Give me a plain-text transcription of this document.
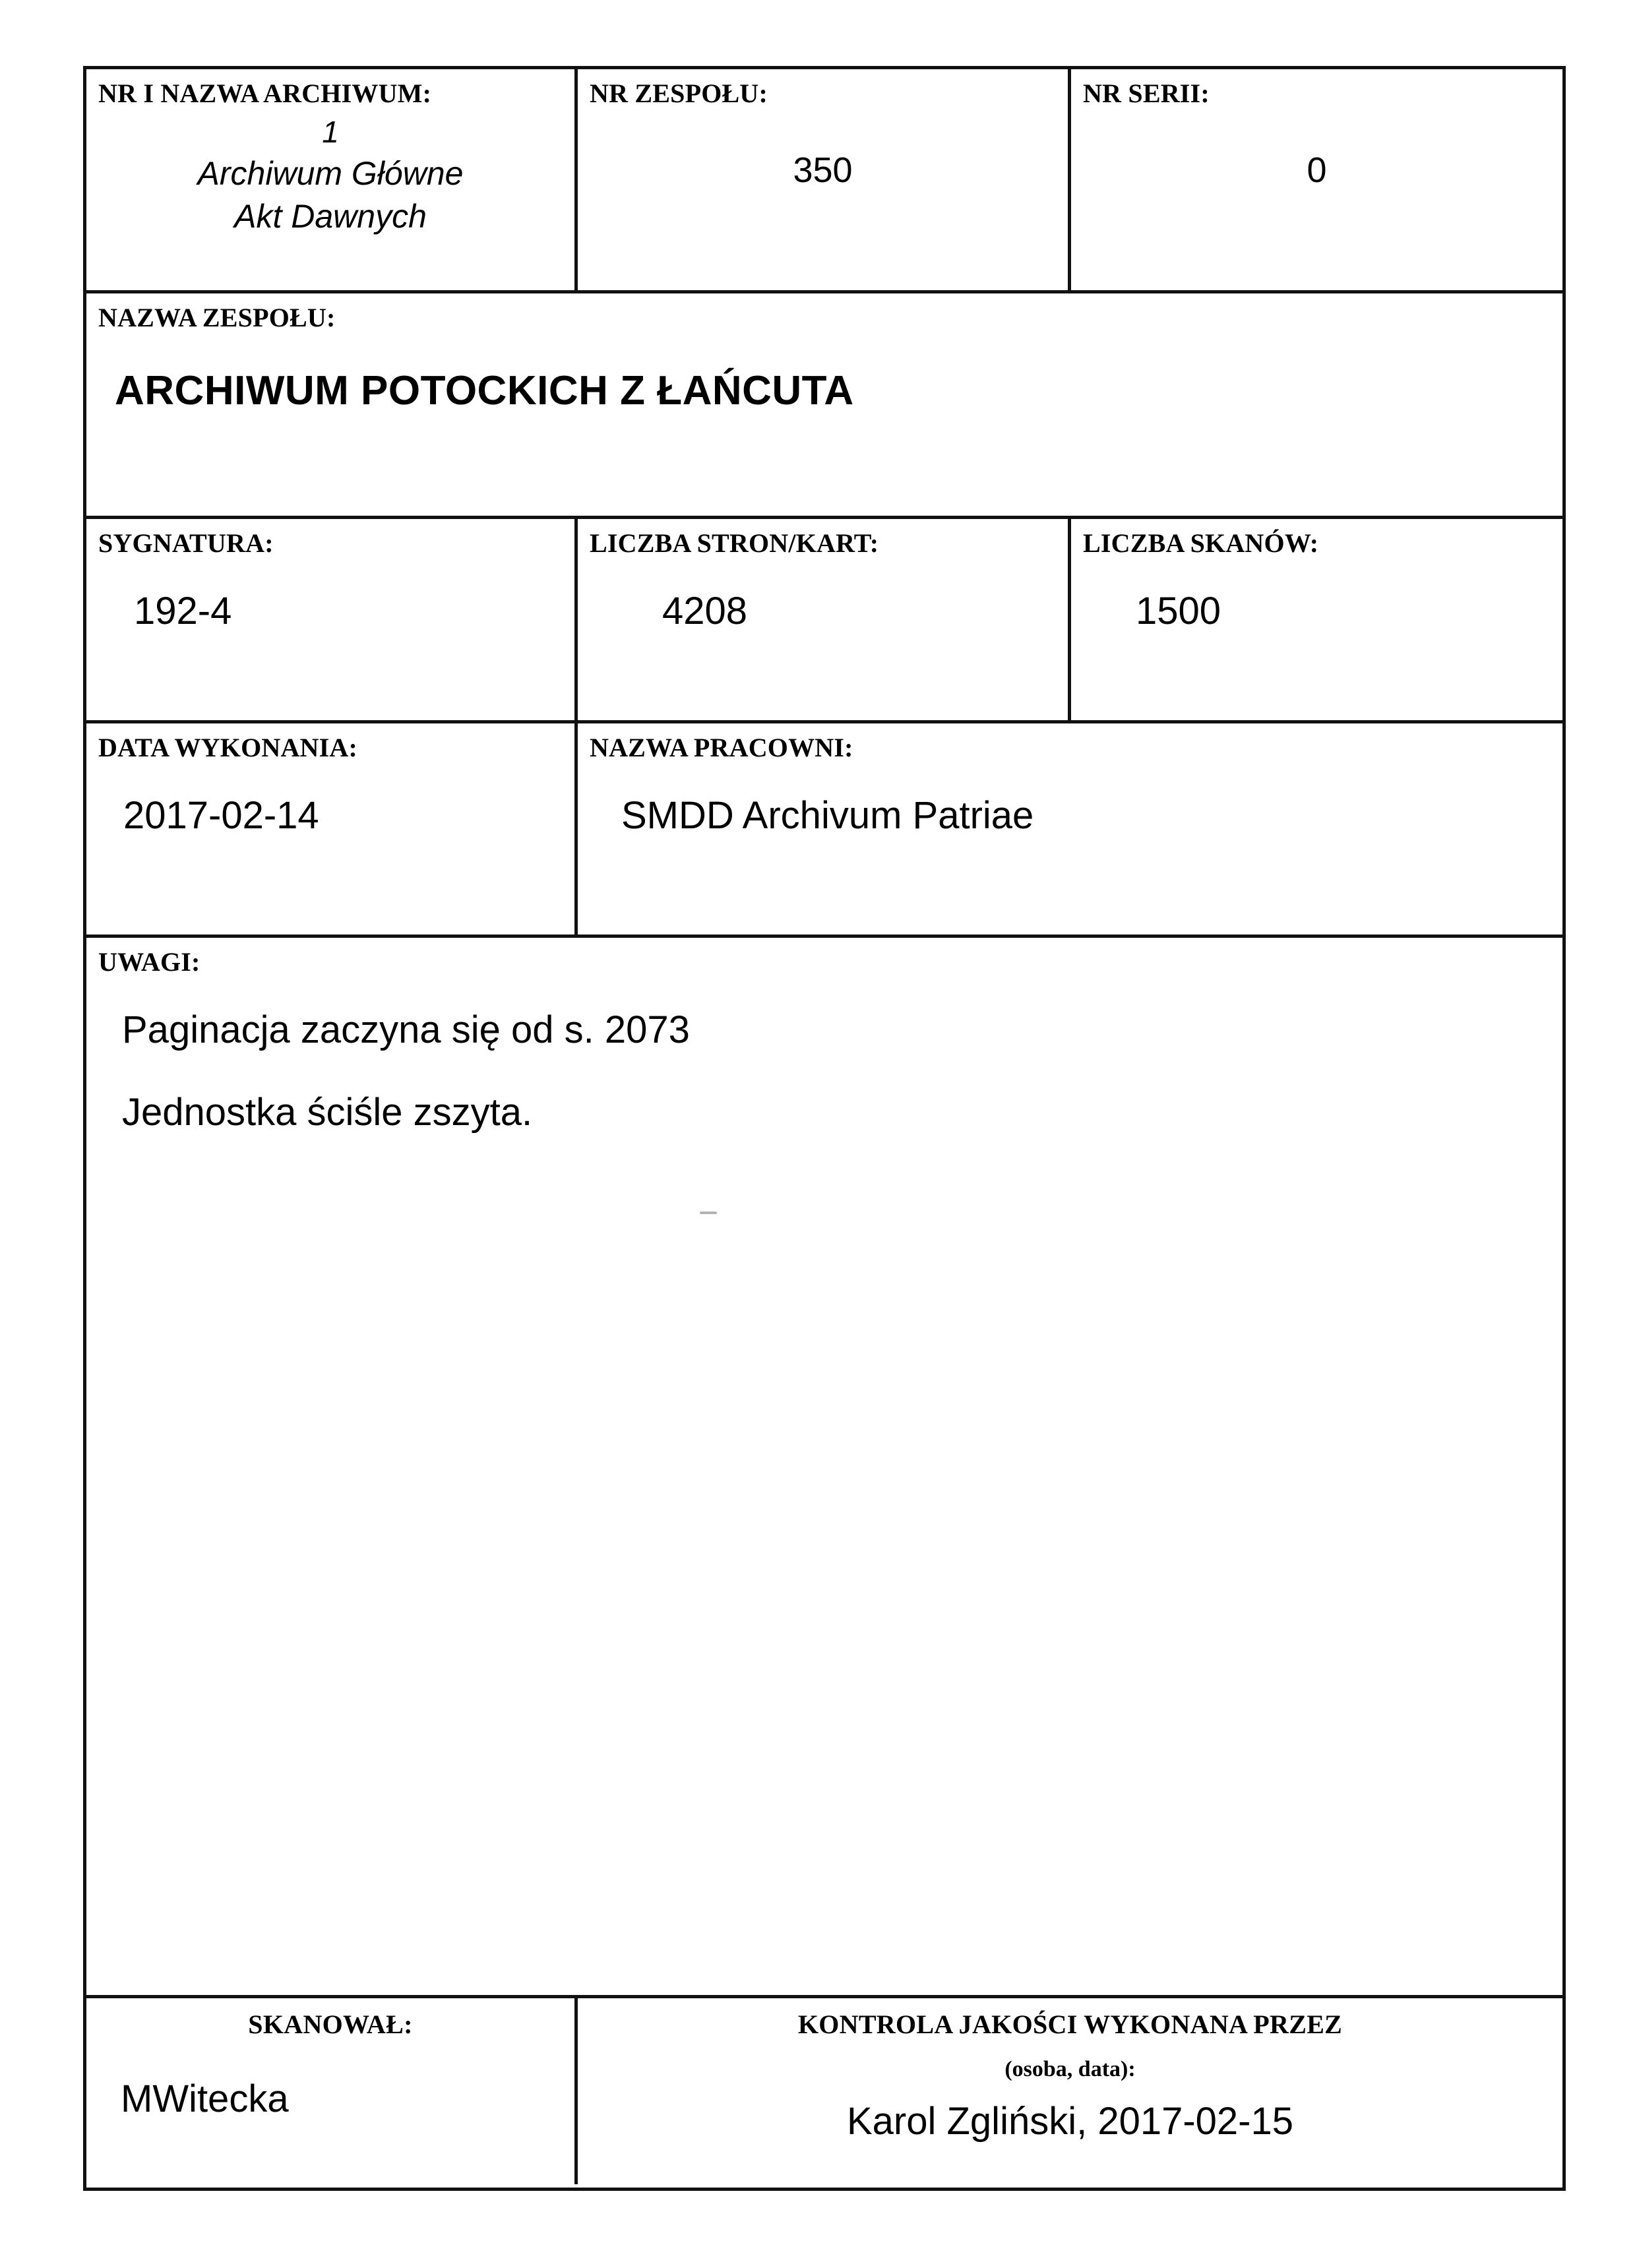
NR I NAZWA ARCHIWUM:
1
Archiwum Główne
Akt Dawnych
NR ZESPOŁU:
350
NR SERII:
0
NAZWA ZESPOŁU:
ARCHIWUM POTOCKICH Z ŁAŃCUTA
SYGNATURA:
192-4
LICZBA STRON/KART:
4208
LICZBA SKANÓW:
1500
DATA WYKONANIA:
2017-02-14
NAZWA PRACOWNI:
SMDD Archivum Patriae
UWAGI:

Paginacja zaczyna się od s. 2073

Jednostka ściśle zszyta.

SKANOWAŁ:
MWitecka
KONTROLA JAKOŚCI WYKONANA PRZEZ
(osoba, data):
Karol Zgliński, 2017-02-15
